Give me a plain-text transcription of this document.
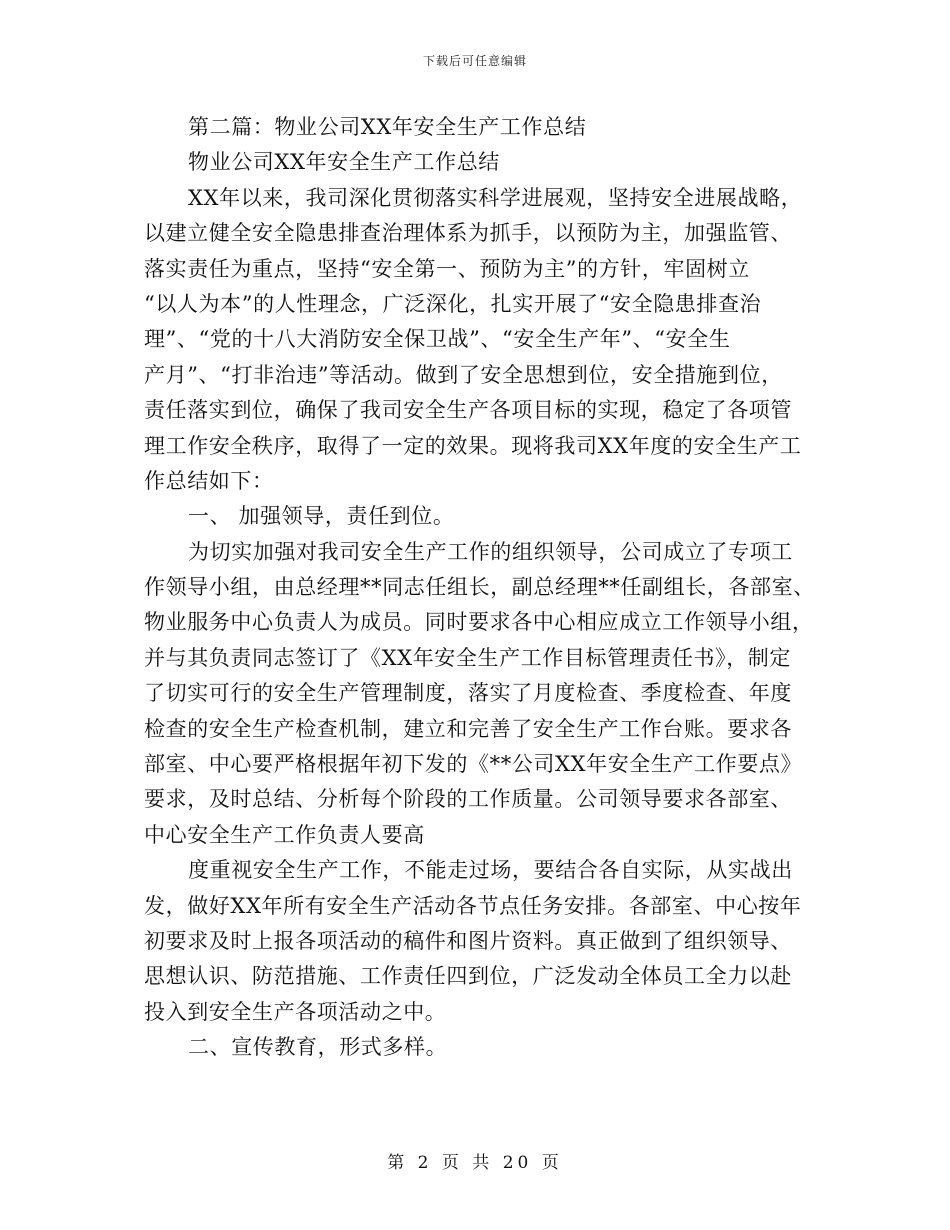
下载后可任意编辑
第二篇：物业公司XX年安全生产工作总结
物业公司XX年安全生产工作总结
XX年以来，我司深化贯彻落实科学进展观，坚持安全进展战略，
以建立健全安全隐患排查治理体系为抓手，以预防为主，加强监管、
落实责任为重点，坚持“安全第一、预防为主”的方针，牢固树立
“以人为本”的人性理念，广泛深化，扎实开展了“安全隐患排查治
理”、“党的十八大消防安全保卫战”、“安全生产年”、“安全生
产月”、“打非治违”等活动。做到了安全思想到位，安全措施到位，
责任落实到位，确保了我司安全生产各项目标的实现，稳定了各项管
理工作安全秩序，取得了一定的效果。现将我司XX年度的安全生产工
作总结如下：
一、 加强领导，责任到位。
为切实加强对我司安全生产工作的组织领导，公司成立了专项工
作领导小组，由总经理**同志任组长，副总经理**任副组长，各部室、
物业服务中心负责人为成员。同时要求各中心相应成立工作领导小组，
并与其负责同志签订了《XX年安全生产工作目标管理责任书》，制定
了切实可行的安全生产管理制度，落实了月度检查、季度检查、年度
检查的安全生产检查机制，建立和完善了安全生产工作台账。要求各
部室、中心要严格根据年初下发的《**公司XX年安全生产工作要点》
要求，及时总结、分析每个阶段的工作质量。公司领导要求各部室、
中心安全生产工作负责人要高
度重视安全生产工作，不能走过场，要结合各自实际，从实战出
发，做好XX年所有安全生产活动各节点任务安排。各部室、中心按年
初要求及时上报各项活动的稿件和图片资料。真正做到了组织领导、
思想认识、防范措施、工作责任四到位，广泛发动全体员工全力以赴
投入到安全生产各项活动之中。
二、宣传教育，形式多样。
第 2 页 共 20 页
